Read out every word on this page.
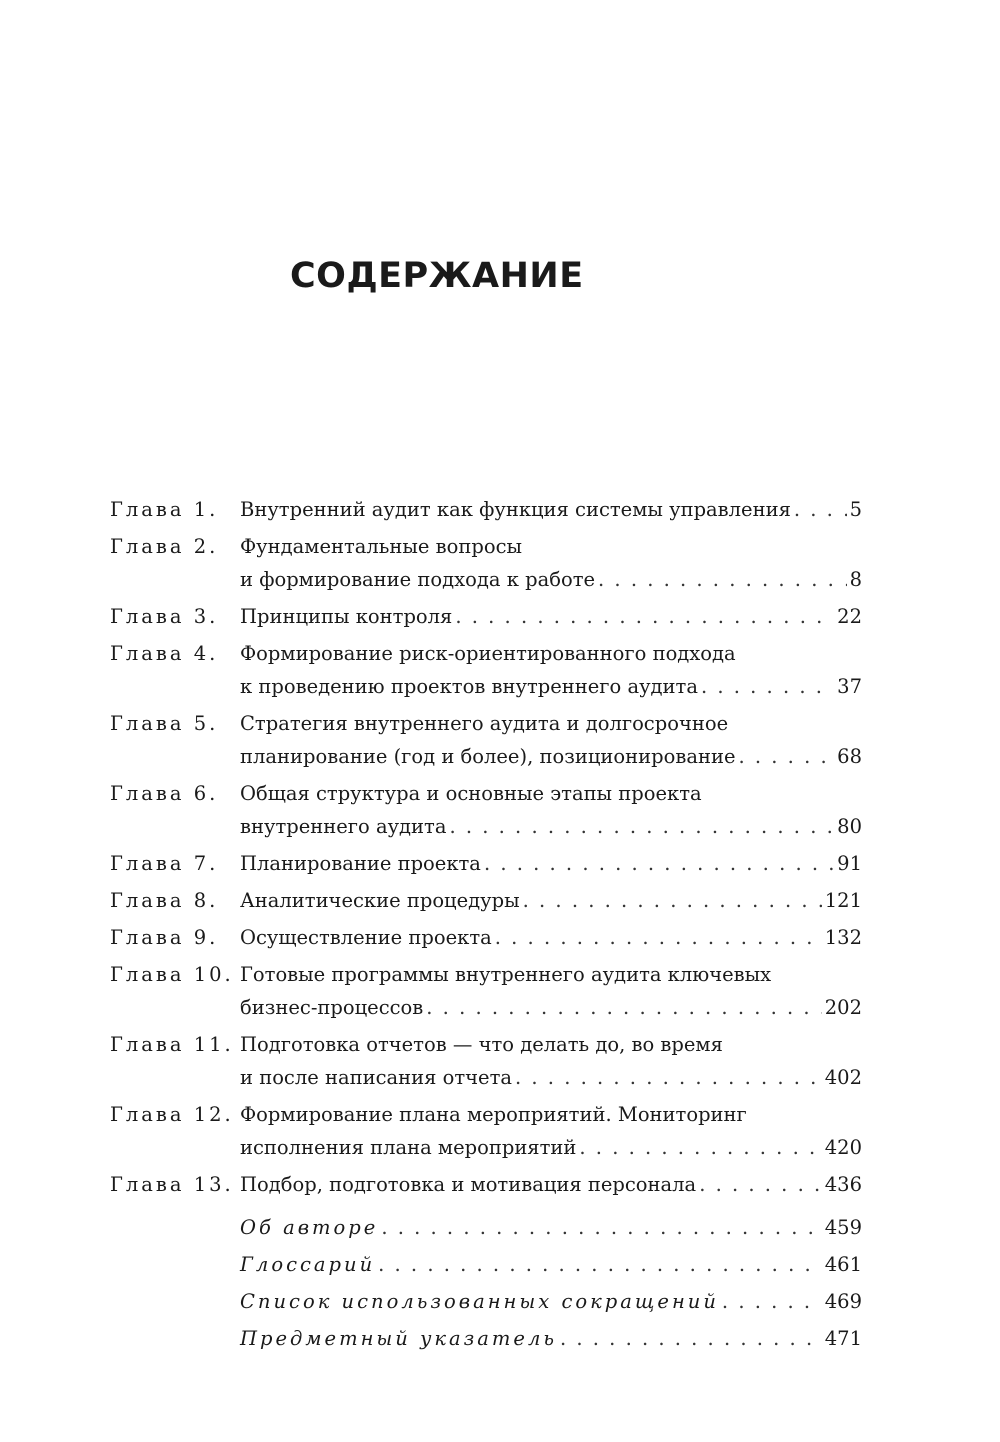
СОДЕРЖАНИЕ
Глава 1. Внутренний аудит как функция системы управления . . .	5
Глава 2. Фундаментальные вопросы
и формирование подхода к работе . . .	8
Глава 3. Принципы контроля . . .	22
Глава 4. Формирование риск-ориентированного подхода
к проведению проектов внутреннего аудита . . .	37
Глава 5. Стратегия внутреннего аудита и долгосрочное
планирование (год и более), позиционирование . . .	68
Глава 6. Общая структура и основные этапы проекта
внутреннего аудита . . .	80
Глава 7. Планирование проекта . . .	91
Глава 8. Аналитические процедуры . . .	121
Глава 9. Осуществление проекта . . .	132
Глава 10. Готовые программы внутреннего аудита ключевых
бизнес-процессов . . .	202
Глава 11. Подготовка отчетов — что делать до, во время
и после написания отчета . . .	402
Глава 12. Формирование плана мероприятий. Мониторинг
исполнения плана мероприятий . . .	420
Глава 13. Подбор, подготовка и мотивация персонала . . .	436
Об авторе . . .	459
Глоссарий . . .	461
Список использованных сокращений . . .	469
Предметный указатель . . .	471
